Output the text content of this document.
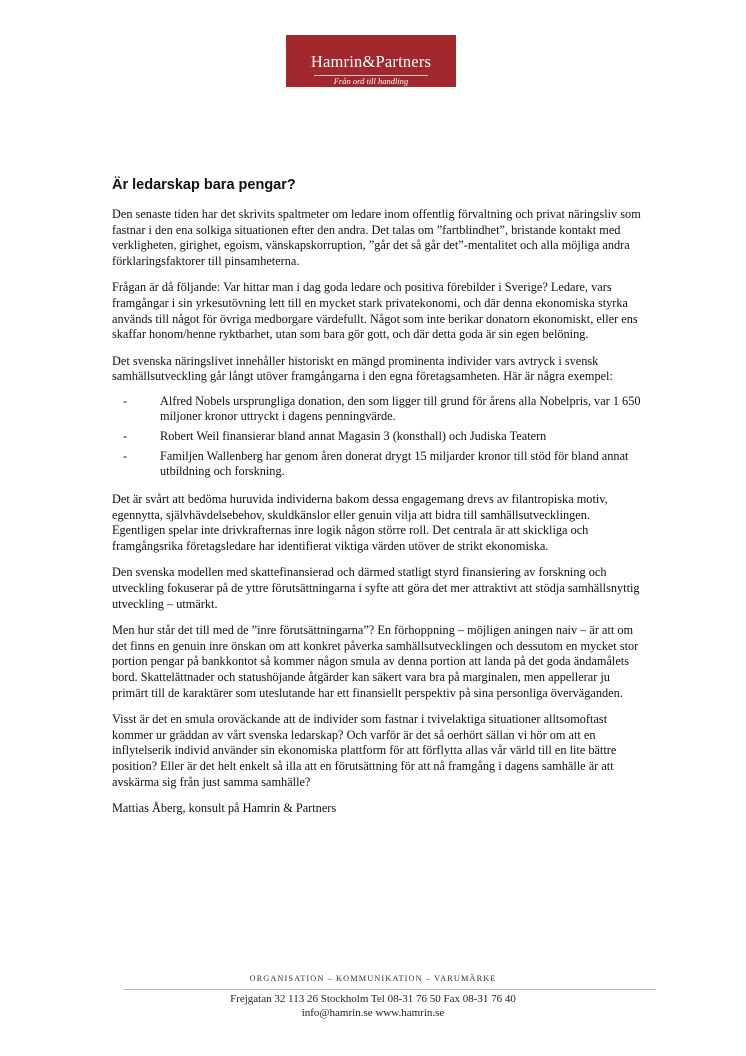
Hamrin&Partners
Från ord till handling
Är ledarskap bara pengar?

Den senaste tiden har det skrivits spaltmeter om ledare inom offentlig förvaltning och privat näringsliv som fastnar i den ena solkiga situationen efter den andra. Det talas om ”fartblindhet”, bristande kontakt med verkligheten, girighet, egoism, vänskapskorruption, ”går det så går det”-mentalitet och alla möjliga andra förklaringsfaktorer till pinsamheterna.

Frågan är då följande: Var hittar man i dag goda ledare och positiva förebilder i Sverige? Ledare, vars framgångar i sin yrkesutövning lett till en mycket stark privatekonomi, och där denna ekonomiska styrka används till något för övriga medborgare värdefullt. Något som inte berikar donatorn ekonomiskt, eller ens skaffar honom/henne ryktbarhet, utan som bara gör gott, och där detta goda är sin egen belöning.

Det svenska näringslivet innehåller historiskt en mängd prominenta individer vars avtryck i svensk samhällsutveckling går långt utöver framgångarna i den egna företagsamheten. Här är några exempel:

-	Alfred Nobels ursprungliga donation, den som ligger till grund för årens alla Nobelpris, var 1 650 miljoner kronor uttryckt i dagens penningvärde.
-	Robert Weil finansierar bland annat Magasin 3 (konsthall) och Judiska Teatern
-	Familjen Wallenberg har genom åren donerat drygt 15 miljarder kronor till stöd för bland annat utbildning och forskning.

Det är svårt att bedöma huruvida individerna bakom dessa engagemang drevs av filantropiska motiv, egennytta, självhävdelsebehov, skuldkänslor eller genuin vilja att bidra till samhällsutvecklingen. Egentligen spelar inte drivkrafternas inre logik någon större roll. Det centrala är att skickliga och framgångsrika företagsledare har identifierat viktiga värden utöver de strikt ekonomiska.

Den svenska modellen med skattefinansierad och därmed statligt styrd finansiering av forskning och utveckling fokuserar på de yttre förutsättningarna i syfte att göra det mer attraktivt att stödja samhällsnyttig utveckling – utmärkt.

Men hur står det till med de ”inre förutsättningarna”? En förhoppning – möjligen aningen naiv – är att om det finns en genuin inre önskan om att konkret påverka samhällsutvecklingen och dessutom en mycket stor portion pengar på bankkontot så kommer någon smula av denna portion att landa på det goda ändamålets bord. Skattelättnader och statushöjande åtgärder kan säkert vara bra på marginalen, men appellerar ju primärt till de karaktärer som uteslutande har ett finansiellt perspektiv på sina personliga överväganden.

Visst är det en smula oroväckande att de individer som fastnar i tvivelaktiga situationer alltsomoftast kommer ur gräddan av vårt svenska ledarskap? Och varför är det så oerhört sällan vi hör om att en inflytelserik individ använder sin ekonomiska plattform för att förflytta allas vår värld till en lite bättre position? Eller är det helt enkelt så illa att en förutsättning för att nå framgång i dagens samhälle är att avskärma sig från just samma samhälle?

Mattias Åberg, konsult på Hamrin & Partners

ORGANISATION – KOMMUNIKATION – VARUMÄRKE
Frejgatan 32 113 26 Stockholm Tel 08-31 76 50 Fax 08-31 76 40
info@hamrin.se www.hamrin.se
